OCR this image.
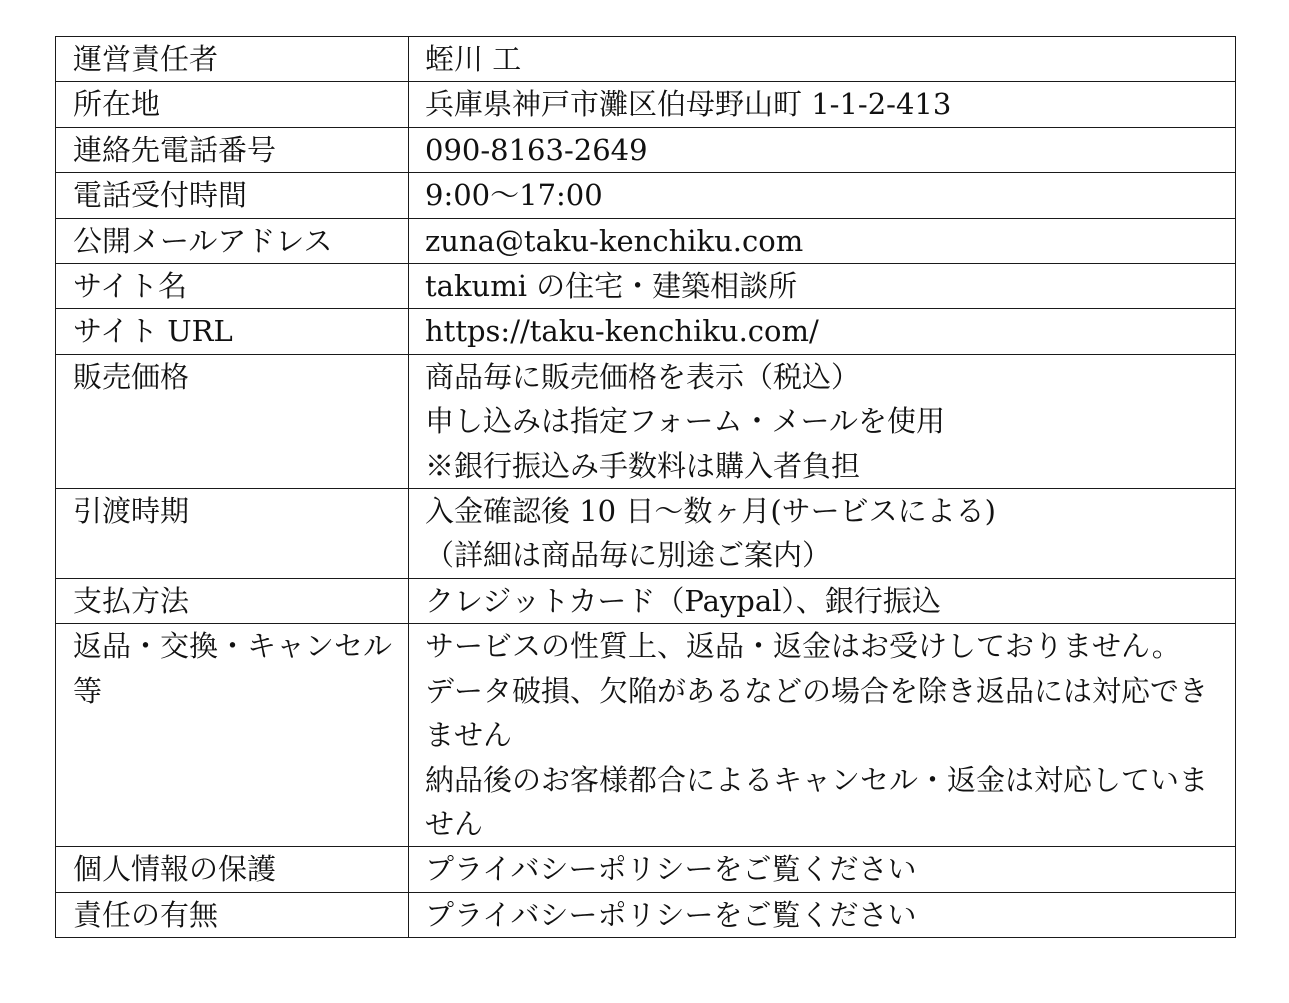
運営責任者	蛭川 工

所在地	兵庫県神戸市灘区伯母野山町 1-1-2-413

連絡先電話番号	090-8163-2649

電話受付時間	9:00〜17:00

公開メールアドレス	zuna@taku-kenchiku.com

サイト名	takumi の住宅・建築相談所

サイト URL	https://taku-kenchiku.com/

販売価格	商品毎に販売価格を表示（税込）
申し込みは指定フォーム・メールを使用
※銀行振込み手数料は購入者負担

引渡時期	入金確認後 10 日〜数ヶ月(サービスによる)
（詳細は商品毎に別途ご案内）

支払方法	クレジットカード（Paypal）、銀行振込

返品・交換・キャンセル等	サービスの性質上、返品・返金はお受けしておりません。
データ破損、欠陥があるなどの場合を除き返品には対応できません
納品後のお客様都合によるキャンセル・返金は対応していません

個人情報の保護	プライバシーポリシーをご覧ください

責任の有無	プライバシーポリシーをご覧ください
